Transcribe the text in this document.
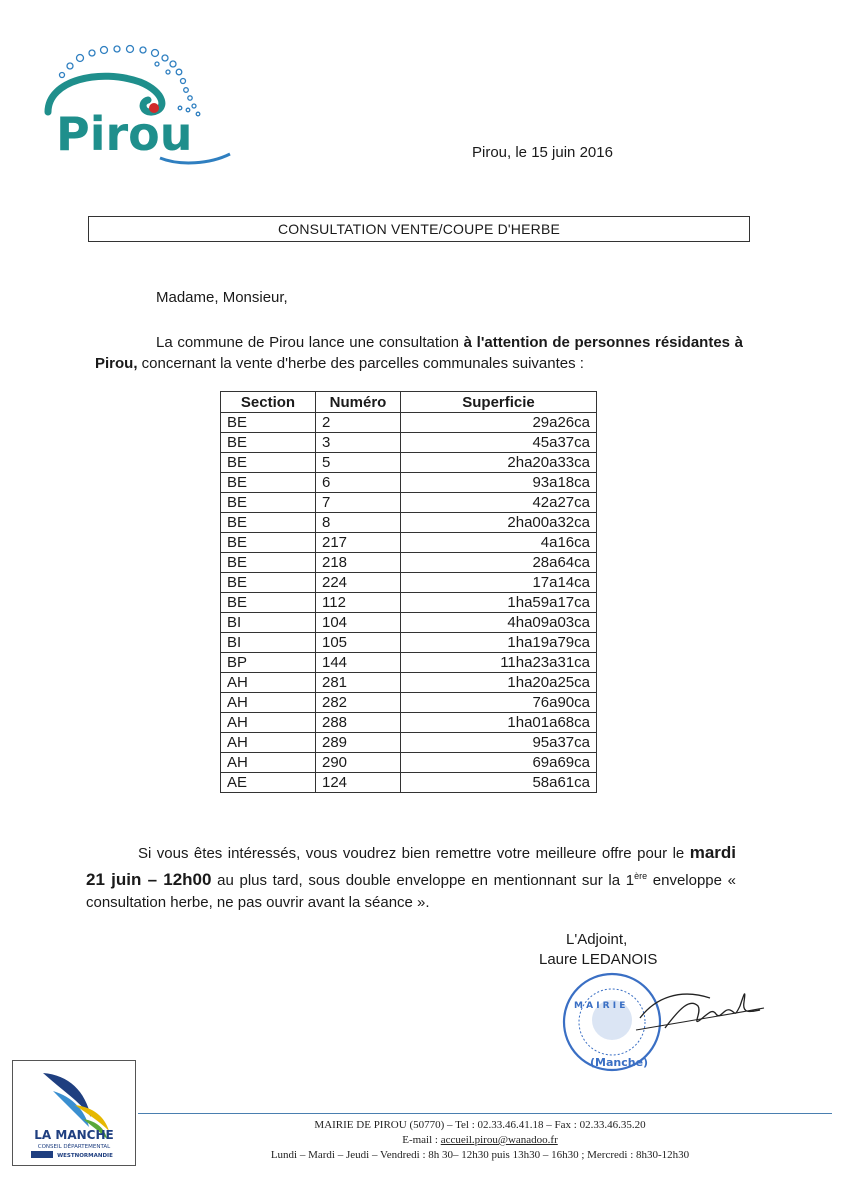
Pirou	Pirou, le 15 juin 2016
CONSULTATION VENTE/COUPE D'HERBE
Madame, Monsieur,
La commune de Pirou lance une consultation à l'attention de personnes résidantes à Pirou, concernant la vente d'herbe des parcelles communales suivantes :
Section	Numéro	Superficie
BE	2	29a26ca
BE	3	45a37ca
BE	5	2ha20a33ca
BE	6	93a18ca
BE	7	42a27ca
BE	8	2ha00a32ca
BE	217	4a16ca
BE	218	28a64ca
BE	224	17a14ca
BE	112	1ha59a17ca
BI	104	4ha09a03ca
BI	105	1ha19a79ca
BP	144	11ha23a31ca
AH	281	1ha20a25ca
AH	282	76a90ca
AH	288	1ha01a68ca
AH	289	95a37ca
AH	290	69a69ca
AE	124	58a61ca
Si vous êtes intéressés, vous voudrez bien remettre votre meilleure offre pour le mardi 21 juin – 12h00 au plus tard, sous double enveloppe en mentionnant sur la 1ère enveloppe « consultation herbe, ne pas ouvrir avant la séance ».
L'Adjoint,
Laure LEDANOIS
M A I R I E
(Manche)
LA MANCHE
CONSEIL DÉPARTEMENTAL
WESTNORMANDIE
MAIRIE DE PIROU (50770) – Tel : 02.33.46.41.18 – Fax : 02.33.46.35.20
E-mail : accueil.pirou@wanadoo.fr
Lundi – Mardi – Jeudi – Vendredi : 8h 30– 12h30 puis 13h30 – 16h30 ; Mercredi : 8h30-12h30
